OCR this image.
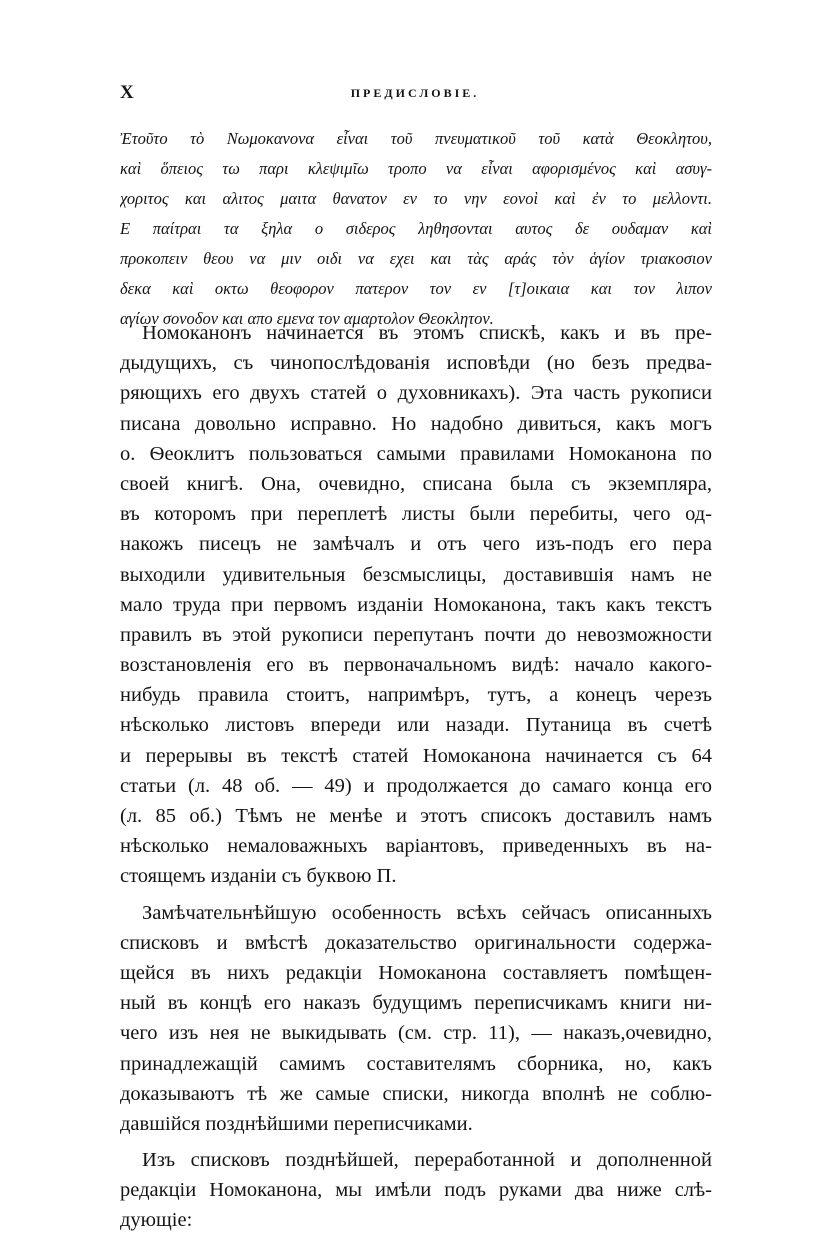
X	ПРЕДИСЛОВІЕ.
Ἐτοῦτο τὸ Νωμοκανονα εἶναι τοῦ πνευματικοῦ τοῦ κατὰ Θεοκλητου,
καὶ ὅπειος τω παρι κλεψιμῖω τροπο να εἶναι αφορισμένος καὶ ασυγ-
χοριτος και αλιτος μαιτα θανατον εν το νην εονοὶ καὶ ἐν το μελλοντι.
Ε παίτραι τα ξηλα ο σιδερος ληθησονται αυτος δε ουδαμαν καὶ
προκοπειν θεου να μιν οιδι να εχει και τὰς αράς τὸν ἁγίον τριακοσιον
δεκα καὶ οκτω θεοφορον πατερον τον εν [τ]οικαια και τον λιπον
αγίων σονοδον και απο εμενα τον αμαρτολον Θεοκλητον.
Номоканонъ начинается въ этомъ спискѣ, какъ и въ пре-
дыдущихъ, съ чинопослѣдованія исповѣди (но безъ предва-
ряющихъ его двухъ статей о духовникахъ). Эта часть рукописи
писана довольно исправно. Но надобно дивиться, какъ могъ
о. Ѳеоклитъ пользоваться самыми правилами Номоканона по
своей книгѣ. Она, очевидно, списана была съ экземпляра,
въ которомъ при переплетѣ листы были перебиты, чего од-
накожъ писецъ не замѣчалъ и отъ чего изъ-подъ его пера
выходили удивительныя безсмыслицы, доставившія намъ не
мало труда при первомъ изданіи Номоканона, такъ какъ текстъ
правилъ въ этой рукописи перепутанъ почти до невозможности
возстановленія его въ первоначальномъ видѣ: начало какого-
нибудь правила стоитъ, напримѣръ, тутъ, а конецъ черезъ
нѣсколько листовъ впереди или назади. Путаница въ счетѣ
и перерывы въ текстѣ статей Номоканона начинается съ 64
статьи (л. 48 об. — 49) и продолжается до самаго конца его
(л. 85 об.) Тѣмъ не менѣе и этотъ списокъ доставилъ намъ
нѣсколько немаловажныхъ варіантовъ, приведенныхъ въ на-
стоящемъ изданіи съ буквою П.
Замѣчательнѣйшую особенность всѣхъ сейчасъ описанныхъ
списковъ и вмѣстѣ доказательство оригинальности содержа-
щейся въ нихъ редакціи Номоканона составляетъ помѣщен-
ный въ концѣ его наказъ будущимъ переписчикамъ книги ни-
чего изъ нея не выкидывать (см. стр. 11), — наказъ,очевидно,
принадлежащій самимъ составителямъ сборника, но, какъ
доказываютъ тѣ же самые списки, никогда вполнѣ не соблю-
давшійся позднѣйшими переписчиками.
Изъ списковъ позднѣйшей, переработанной и дополненной
редакціи Номоканона, мы имѣли подъ руками два ниже слѣ-
дующіе:
